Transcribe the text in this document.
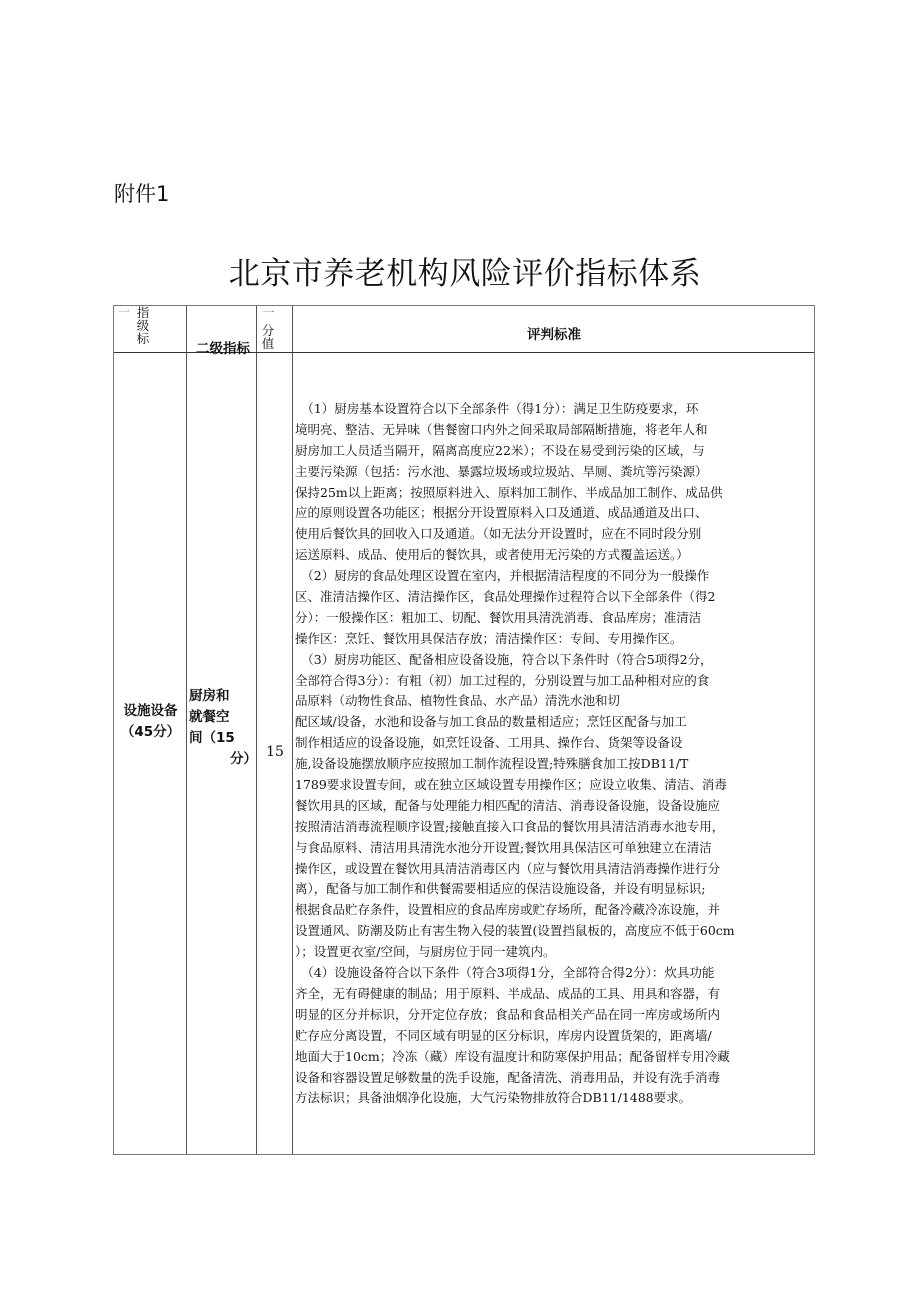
附件1
北京市养老机构风险评价指标体系
一 指
级
标
二级指标
一
分
值
评判标准
设施设备
（45分）
厨房和
就餐空
间（15
分） 15
　（1）厨房基本设置符合以下全部条件（得1分）：满足卫生防疫要求，环
境明亮、整洁、无异味（售餐窗口内外之间采取局部隔断措施，将老年人和
厨房加工人员适当隔开，隔离高度应22米）；不设在易受到污染的区域，与
主要污染源（包括：污水池、暴露垃圾场或垃圾站、旱厕、粪坑等污染源）
保持25m以上距离；按照原料进入、原料加工制作、半成品加工制作、成品供
应的原则设置各功能区；根据分开设置原料入口及通道、成品通道及出口、
使用后餐饮具的回收入口及通道。（如无法分开设置时，应在不同时段分别
运送原料、成品、使用后的餐饮具，或者使用无污染的方式覆盖运送。）
　（2）厨房的食品处理区设置在室内，并根据清洁程度的不同分为一般操作
区、准清洁操作区、清洁操作区，食品处理操作过程符合以下全部条件（得2
分）：一般操作区：粗加工、切配、餐饮用具清洗消毒、食品库房；准清洁
操作区：烹饪、餐饮用具保洁存放；清洁操作区：专间、专用操作区。
　（3）厨房功能区、配备相应设备设施，符合以下条件时（符合5项得2分，
全部符合得3分）：有粗（初）加工过程的，分别设置与加工品种相对应的食
品原料（动物性食品、植物性食品、水产品）清洗水池和切
配区域/设备，水池和设备与加工食品的数量相适应；烹饪区配备与加工
制作相适应的设备设施，如烹饪设备、工用具、操作台、货架等设备设
施,设备设施摆放顺序应按照加工制作流程设置;特殊膳食加工按DB11/T
1789要求设置专间，或在独立区域设置专用操作区；应设立收集、清洁、消毒
餐饮用具的区域，配备与处理能力相匹配的清洁、消毒设备设施，设备设施应
按照清洁消毒流程顺序设置;接触直接入口食品的餐饮用具清洁消毒水池专用，
与食品原料、清洁用具清洗水池分开设置;餐饮用具保洁区可单独建立在清洁
操作区，或设置在餐饮用具清洁消毒区内（应与餐饮用具清洁消毒操作进行分
离），配备与加工制作和供餐需要相适应的保洁设施设备，并设有明显标识;
根据食品贮存条件，设置相应的食品库房或贮存场所，配备冷藏冷冻设施，并
设置通风、防潮及防止有害生物入侵的装置(设置挡鼠板的，高度应不低于60cm
）；设置更衣室/空间，与厨房位于同一建筑内。
　（4）设施设备符合以下条件（符合3项得1分，全部符合得2分）：炊具功能
齐全，无有碍健康的制品；用于原料、半成品、成品的工具、用具和容器，有
明显的区分并标识，分开定位存放；食品和食品相关产品在同一库房或场所内
贮存应分离设置，不同区域有明显的区分标识，库房内设置货架的，距离墙/
地面大于10cm；冷冻（藏）库设有温度计和防寒保护用品；配备留样专用冷藏
设备和容器设置足够数量的洗手设施，配备清洗、消毒用品，并设有洗手消毒
方法标识；具备油烟净化设施，大气污染物排放符合DB11/1488要求。
